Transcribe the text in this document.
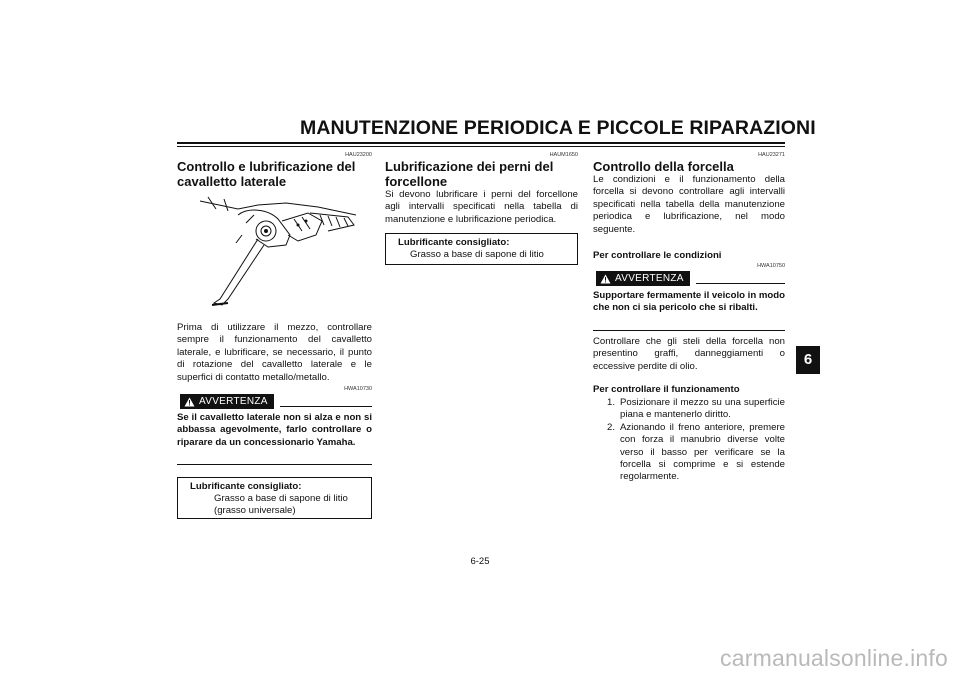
MANUTENZIONE PERIODICA E PICCOLE RIPARAZIONI
6
HAU23200
Controllo e lubrificazione del cavalletto laterale
Prima di utilizzare il mezzo, controllare sempre il funzionamento del cavalletto laterale, e lubrificare, se necessario, il punto di rotazione del cavalletto laterale e le superfici di contatto metallo/metallo.
HWA10730
AVVERTENZA
Se il cavalletto laterale non si alza e non si abbassa agevolmente, farlo controllare o riparare da un concessionario Yamaha.
Lubrificante consigliato:
Grasso a base di sapone di litio
(grasso universale)
HAUM1650
Lubrificazione dei perni del forcellone
Si devono lubrificare i perni del forcellone agli intervalli specificati nella tabella di manutenzione e lubrificazione periodica.
Lubrificante consigliato:
Grasso a base di sapone di litio
HAU23271
Controllo della forcella
Le condizioni e il funzionamento della forcella si devono controllare agli intervalli specificati nella tabella della manutenzione periodica e lubrificazione, nel modo seguente.
Per controllare le condizioni
HWA10750
AVVERTENZA
Supportare fermamente il veicolo in modo che non ci sia pericolo che si ribalti.
Controllare che gli steli della forcella non presentino graffi, danneggiamenti o eccessive perdite di olio.
Per controllare il funzionamento
1. Posizionare il mezzo su una superficie piana e mantenerlo diritto.
2. Azionando il freno anteriore, premere con forza il manubrio diverse volte verso il basso per verificare se la forcella si comprime e si estende regolarmente.
6-25
carmanualsonline.info
